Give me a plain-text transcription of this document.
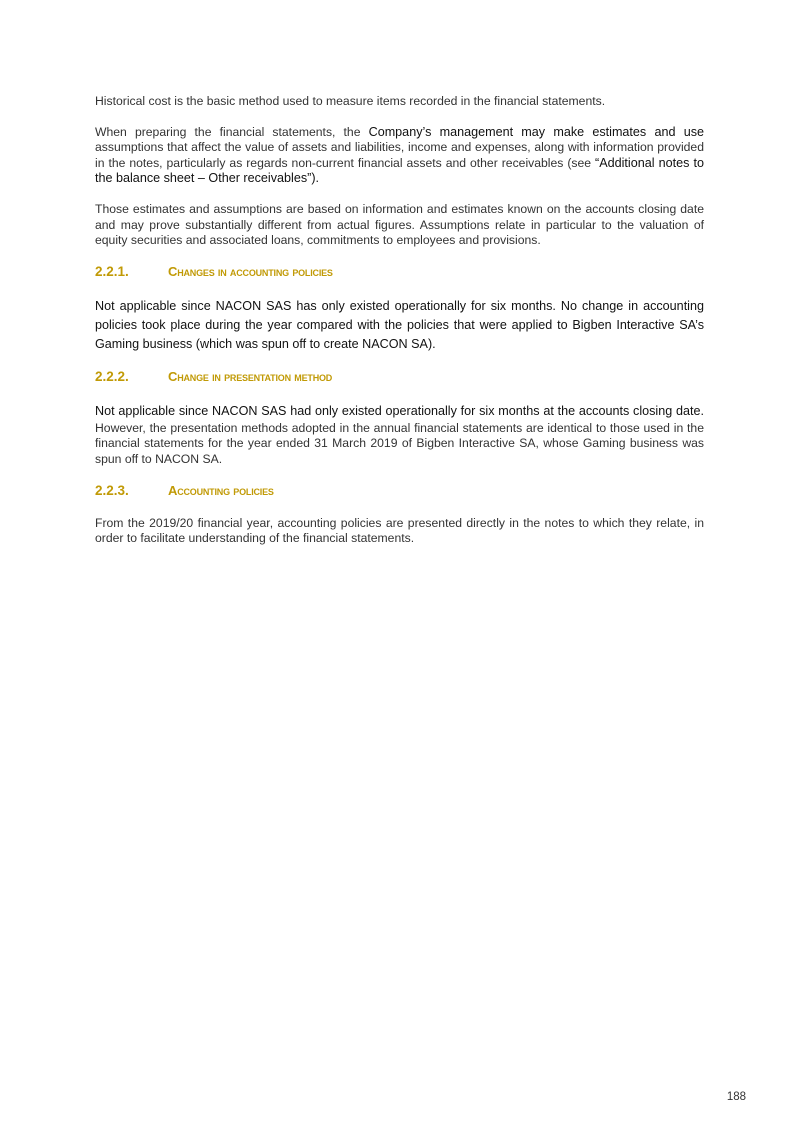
Historical cost is the basic method used to measure items recorded in the financial statements.

When preparing the financial statements, the Company’s management may make estimates and use assumptions that affect the value of assets and liabilities, income and expenses, along with information provided in the notes, particularly as regards non-current financial assets and other receivables (see “Additional notes to the balance sheet – Other receivables”).

Those estimates and assumptions are based on information and estimates known on the accounts closing date and may prove substantially different from actual figures. Assumptions relate in particular to the valuation of equity securities and associated loans, commitments to employees and provisions.

2.2.1.	Changes in accounting policies

Not applicable since NACON SAS has only existed operationally for six months. No change in accounting policies took place during the year compared with the policies that were applied to Bigben Interactive SA’s Gaming business (which was spun off to create NACON SA).

2.2.2.	Change in presentation method

Not applicable since NACON SAS had only existed operationally for six months at the accounts closing date. However, the presentation methods adopted in the annual financial statements are identical to those used in the financial statements for the year ended 31 March 2019 of Bigben Interactive SA, whose Gaming business was spun off to NACON SA.

2.2.3.	Accounting policies

From the 2019/20 financial year, accounting policies are presented directly in the notes to which they relate, in order to facilitate understanding of the financial statements.

188
